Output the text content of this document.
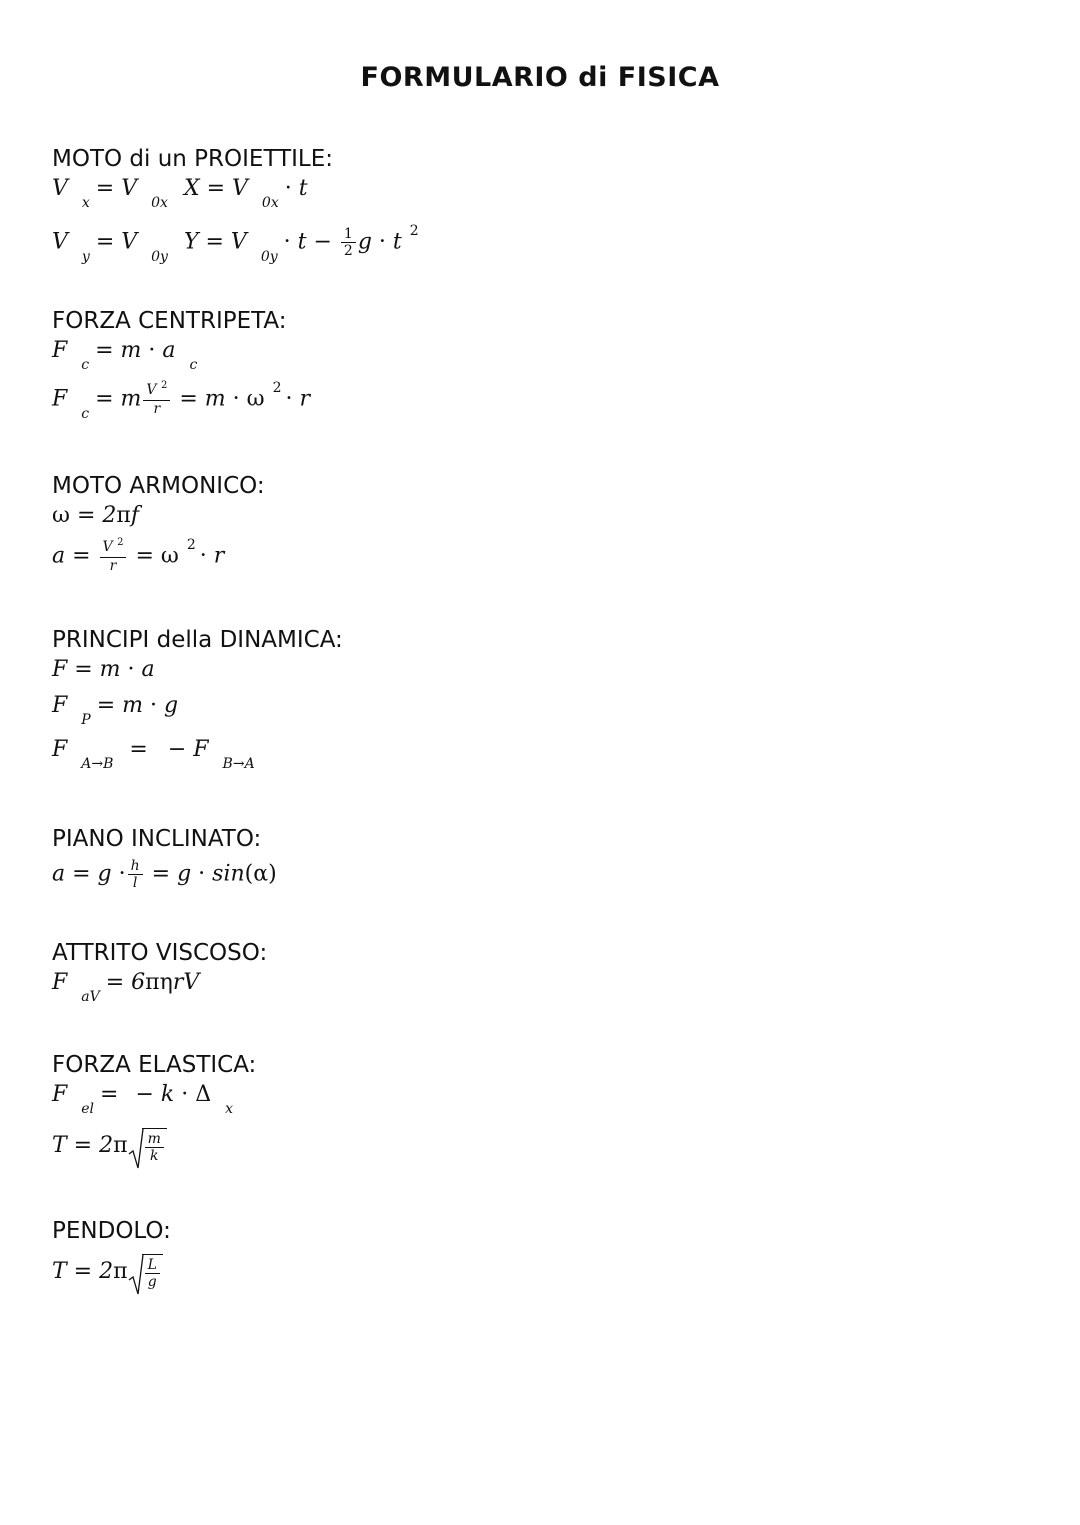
FORMULARIO di FISICA
MOTO di un PROIETTILE:
$V_x= V_{0x}X = V_{0x}\cdot t$
$V_y= V_{0y}Y = V_{0y}\cdot t - \frac{1}{2}$ g · t $^2$
FORZA CENTRIPETA:
$F_c= m \cdot a_c$
$F_c= m \frac{V ^2}{r} = m \cdot \omega$ $^2$ · r
MOTO ARMONICO:
ω = 2πf
$a = \frac{V ^2}{r} = \omega$ $^2$ · r
PRINCIPI della DINAMICA:
F = m · a
$F_P= m \cdot g$
$F_{A\to B}= - F_{B\to A}$
PIANO INCLINATO:
$a = g \cdot \frac{h}{l} = g \cdot \sin(\alpha)$
ATTRITO VISCOSO:
$F_{aV}= 6\pi\eta rV$
FORZA ELASTICA:
$F_{el}= - k \cdot \Delta_x$
$T = 2\pi \frac{m}{k}$
PENDOLO:
$T = 2\pi \frac{L}{g}$
